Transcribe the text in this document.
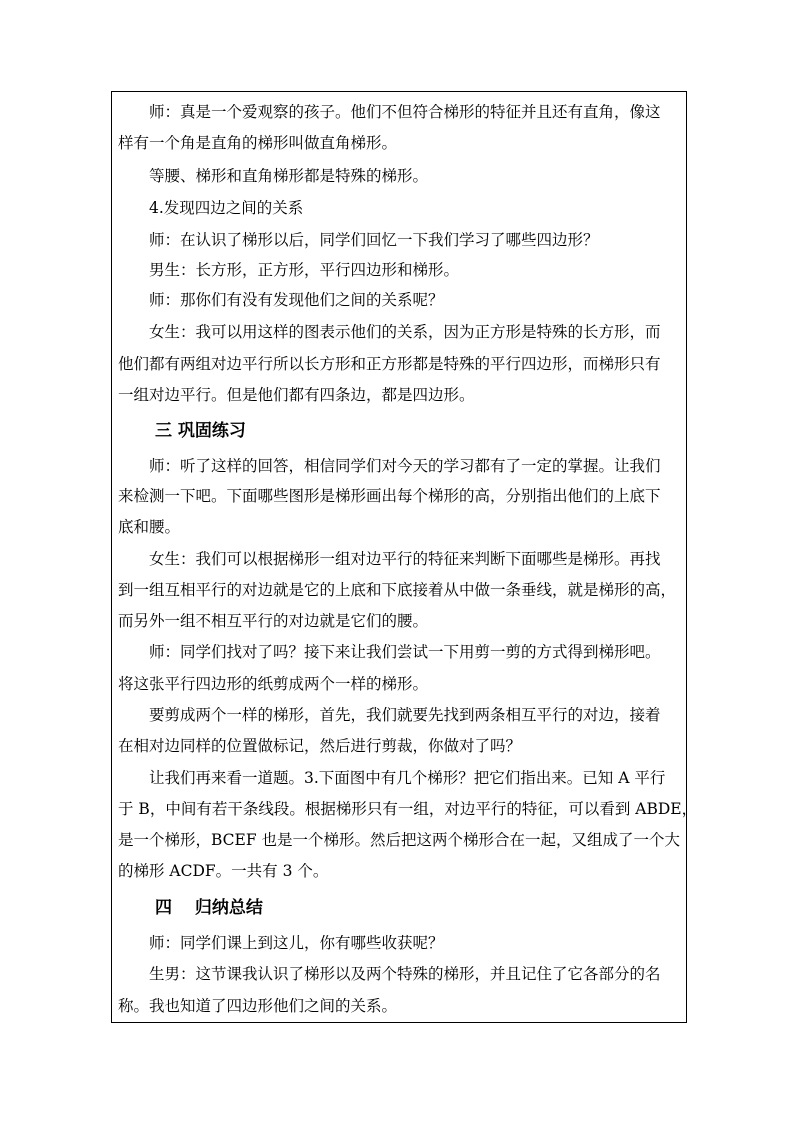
　　师：真是一个爱观察的孩子。他们不但符合梯形的特征并且还有直角，像这
样有一个角是直角的梯形叫做直角梯形。
　　等腰、梯形和直角梯形都是特殊的梯形。
　　4.发现四边之间的关系
　　师：在认识了梯形以后，同学们回忆一下我们学习了哪些四边形？
　　男生：长方形，正方形，平行四边形和梯形。
　　师：那你们有没有发现他们之间的关系呢？
　　女生：我可以用这样的图表示他们的关系，因为正方形是特殊的长方形，而
他们都有两组对边平行所以长方形和正方形都是特殊的平行四边形，而梯形只有
一组对边平行。但是他们都有四条边，都是四边形。
三 巩固练习
　　师：听了这样的回答，相信同学们对今天的学习都有了一定的掌握。让我们
来检测一下吧。下面哪些图形是梯形画出每个梯形的高，分别指出他们的上底下
底和腰。
　　女生：我们可以根据梯形一组对边平行的特征来判断下面哪些是梯形。再找
到一组互相平行的对边就是它的上底和下底接着从中做一条垂线，就是梯形的高，
而另外一组不相互平行的对边就是它们的腰。
　　师：同学们找对了吗？接下来让我们尝试一下用剪一剪的方式得到梯形吧。
将这张平行四边形的纸剪成两个一样的梯形。
　　要剪成两个一样的梯形，首先，我们就要先找到两条相互平行的对边，接着
在相对边同样的位置做标记，然后进行剪裁，你做对了吗？
　　让我们再来看一道题。3.下面图中有几个梯形？把它们指出来。已知 A 平行
于 B，中间有若干条线段。根据梯形只有一组，对边平行的特征，可以看到 ABDE，
是一个梯形，BCEF 也是一个梯形。然后把这两个梯形合在一起，又组成了一个大
的梯形 ACDF。一共有 3 个。
四　 归纳总结
　　师：同学们课上到这儿，你有哪些收获呢？
　　生男：这节课我认识了梯形以及两个特殊的梯形，并且记住了它各部分的名
称。我也知道了四边形他们之间的关系。
